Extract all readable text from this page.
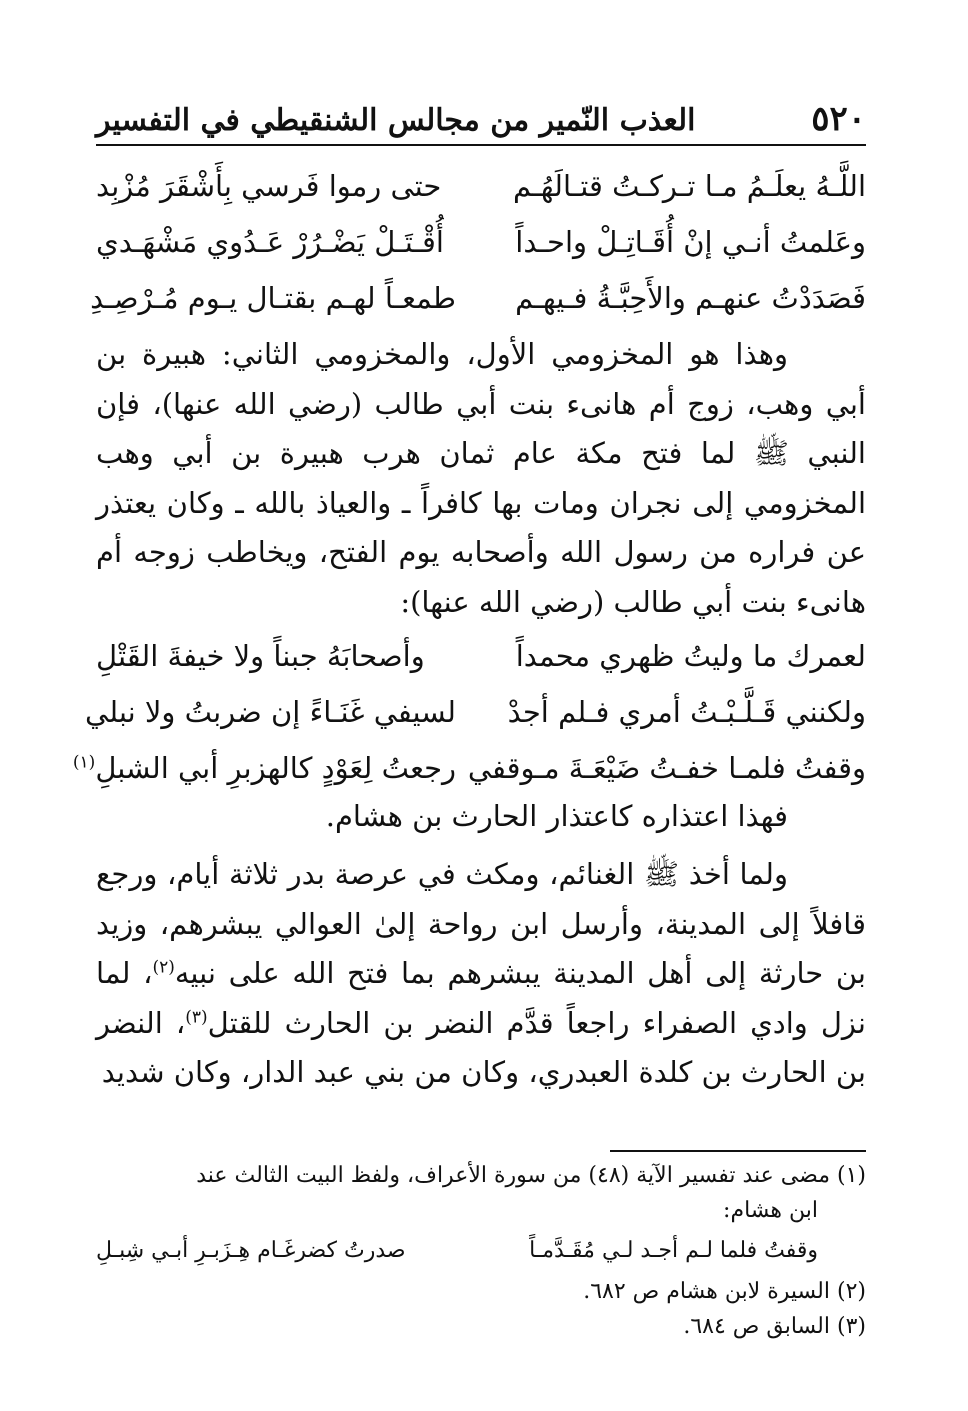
٥٢٠
العذب النّمير من مجالس الشنقيطي في التفسير
اللَّـهُ يعلَـمُ مـا تـركـتُ قتـالَهُـم
حتى رموا فَرسي بِأَشْقَرَ مُزْبِد
وعَلمتُ أنـي إنْ أُقَـاتِـلْ واحـداً
أُقْـتَـلْ يَضْـرُرْ عَـدُوي مَشْهَـدي
فَصَدَدْتُ عنهـم والأَحِبَّـةُ فـيهـم
طمعـاً لهـم بقتـال يـوم مُـرْصِـدِ

وهذا هو المخزومي الأول، والمخزومي الثاني: هبيرة بن أبي وهب، زوج أم هانىء بنت أبي طالب (رضي الله عنها)، فإن النبي ﷺ لما فتح مكة عام ثمان هرب هبيرة بن أبي وهب المخزومي إلى نجران ومات بها كافراً ـ والعياذ بالله ـ وكان يعتذر عن فراره من رسول الله وأصحابه يوم الفتح، ويخاطب زوجه أم هانىء بنت أبي طالب (رضي الله عنها):

لعمرك ما وليتُ ظهري محمداً
وأصحابَهُ جبناً ولا خيفةَ القَتْلِ
ولكنني قَـلَّـبْـتُ أمري فـلم أجدْ
لسيفي غَنَـاءً إن ضربتُ ولا نبلي
وقفتُ فلمـا خفـتُ ضَيْعَـةَ مـوقفي
رجعتُ لِعَوْدٍ كالهزبرِ أبي الشبلِ$^{(١)}$

فهذا اعتذاره كاعتذار الحارث بن هشام.

ولما أخذ ﷺ الغنائم، ومكث في عرصة بدر ثلاثة أيام، ورجع قافلاً إلى المدينة، وأرسل ابن رواحة إلىٰ العوالي يبشرهم، وزيد بن حارثة إلى أهل المدينة يبشرهم بما فتح الله على نبيه$^{(٢)}$، لما نزل وادي الصفراء راجعاً قدَّم النضر بن الحارث للقتل$^{(٣)}$، النضر بن الحارث بن كلدة العبدري، وكان من بني عبد الدار، وكان شديد

(١) مضى عند تفسير الآية (٤٨) من سورة الأعراف، ولفظ البيت الثالث عند
ابن هشام:
وقفتُ فلما لـم أجـد لـي مُقَـدَّمـاً
صدرتُ كضرغَـام هِـزَبـرِ أبـي شِبـلِ
(٢) السيرة لابن هشام ص ٦٨٢.
(٣) السابق ص ٦٨٤.
